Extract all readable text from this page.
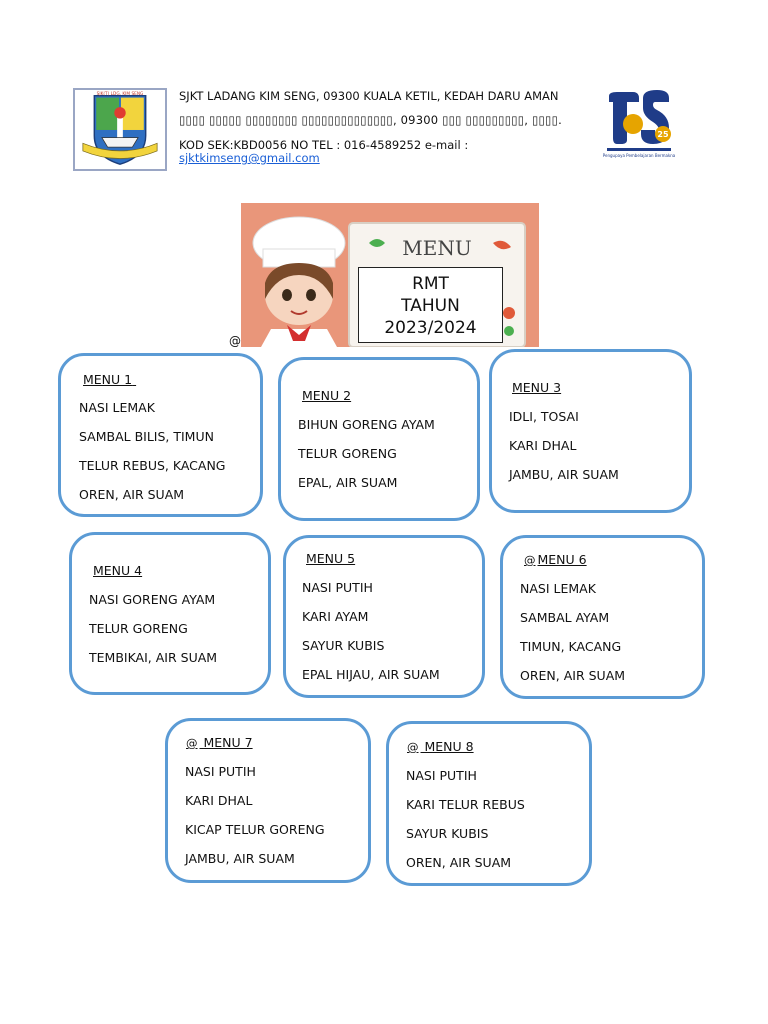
SJK(T) LDG. KIM SENG	SJKT LADANG KIM SENG, 09300 KUALA KETIL, KEDAH DARU AMAN
▯▯▯▯ ▯▯▯▯▯ ▯▯▯▯▯▯▯▯ ▯▯▯▯▯▯▯▯▯▯▯▯▯▯, 09300 ▯▯▯ ▯▯▯▯▯▯▯▯▯, ▯▯▯▯.
KOD SEK:KBD0056 NO TEL : 016-4589252 e-mail :
sjktkimseng@gmail.com
25
Pengupaya Pembelajaran Bermakna
MENU
RMT
TAHUN
2023/2024
@
MENU 1
NASI LEMAK
SAMBAL BILIS, TIMUN
TELUR REBUS, KACANG
OREN, AIR SUAM
MENU 2
BIHUN GORENG AYAM
TELUR GORENG
EPAL, AIR SUAM
MENU 3
IDLI, TOSAI
KARI DHAL
JAMBU, AIR SUAM
MENU 4
NASI GORENG AYAM
TELUR GORENG
TEMBIKAI, AIR SUAM
MENU 5
NASI PUTIH
KARI AYAM
SAYUR KUBIS
EPAL HIJAU, AIR SUAM
@ MENU 6
NASI LEMAK
SAMBAL AYAM
TIMUN, KACANG
OREN, AIR SUAM
@ MENU 7
NASI PUTIH
KARI DHAL
KICAP TELUR GORENG
JAMBU, AIR SUAM
@ MENU 8
NASI PUTIH
KARI TELUR REBUS
SAYUR KUBIS
OREN, AIR SUAM
